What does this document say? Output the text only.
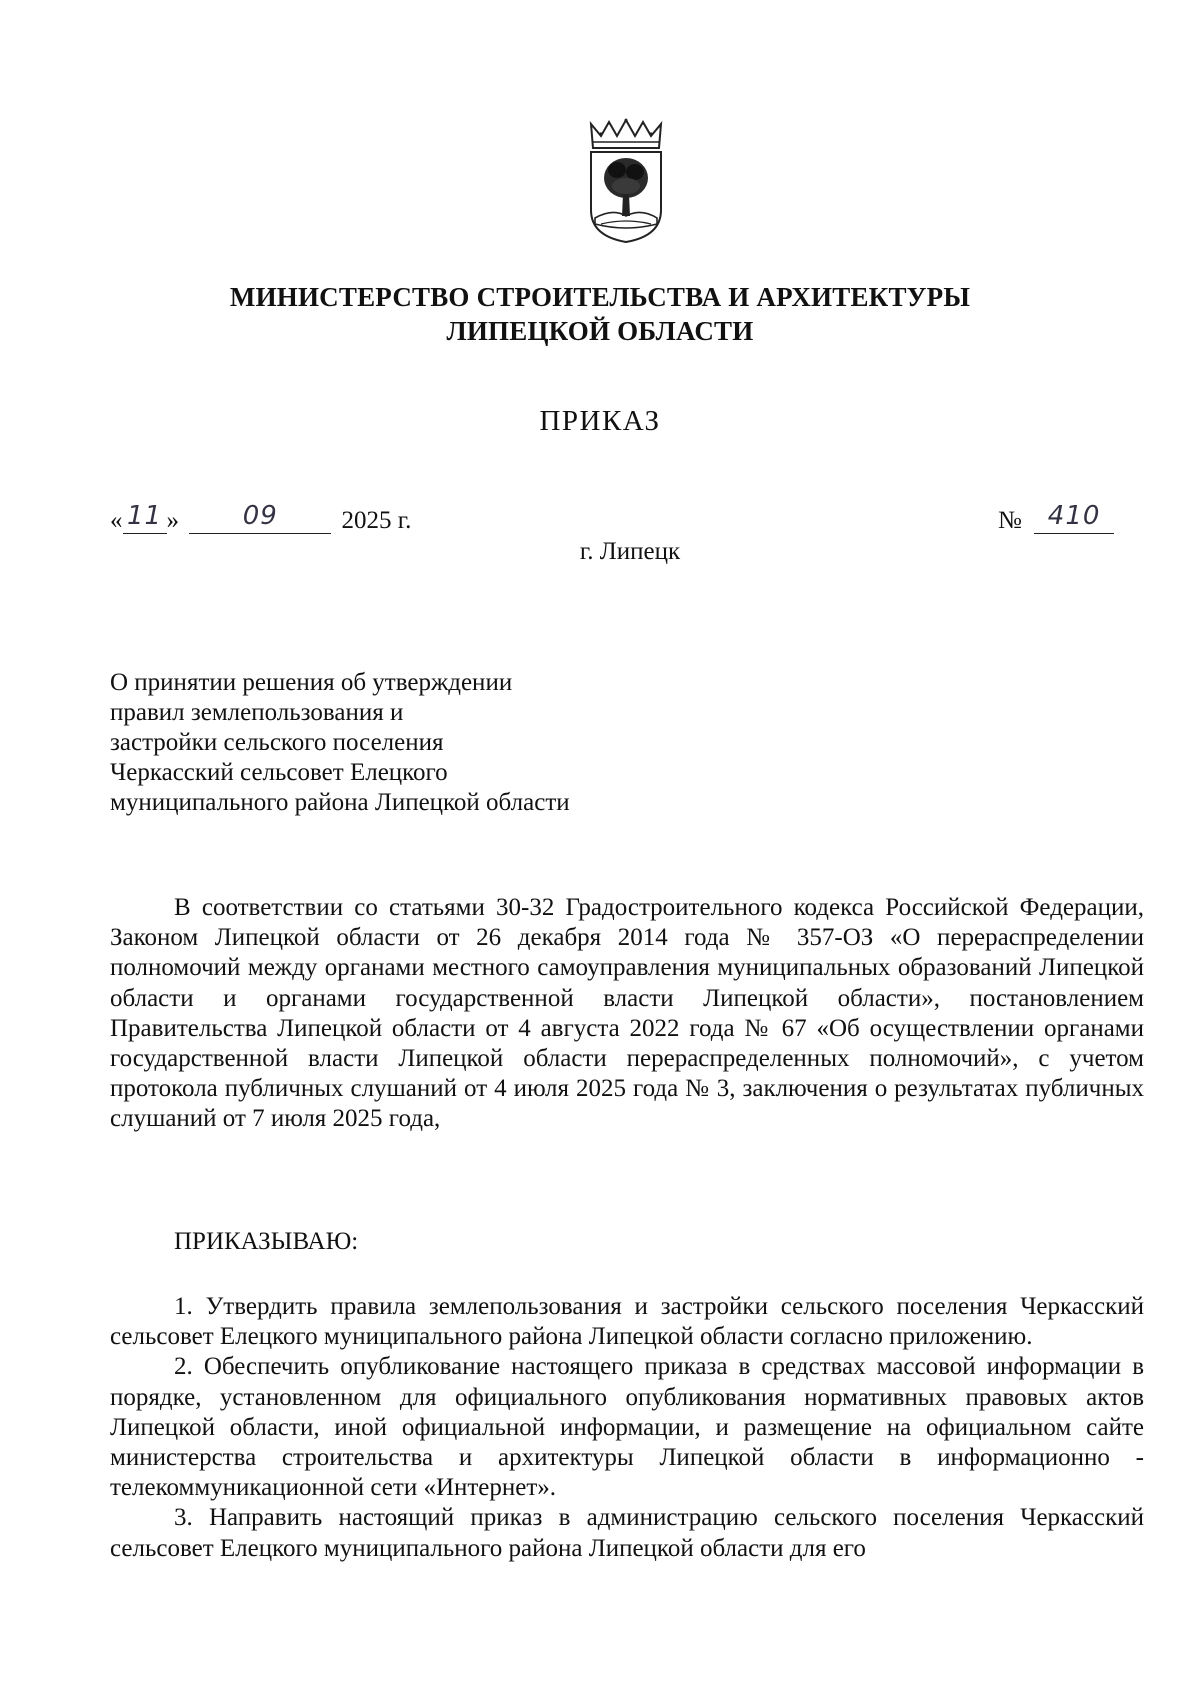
МИНИСТЕРСТВО СТРОИТЕЛЬСТВА И АРХИТЕКТУРЫ
ЛИПЕЦКОЙ ОБЛАСТИ
ПРИКАЗ
« 11 » 09	2025 г.	№ 410
г. Липецк
О принятии решения об утверждении
правил землепользования и
застройки сельского поселения
Черкасский сельсовет Елецкого
муниципального района Липецкой области
В соответствии со статьями 30-32 Градостроительного кодекса Российской Федерации, Законом Липецкой области от 26 декабря 2014 года № 357-ОЗ «О перераспределении полномочий между органами местного самоуправления муниципальных образований Липецкой области и органами государственной власти Липецкой области», постановлением Правительства Липецкой области от 4 августа 2022 года № 67 «Об осуществлении органами государственной власти Липецкой области перераспределенных полномочий», с учетом протокола публичных слушаний от 4 июля 2025 года № 3, заключения о результатах публичных слушаний от 7 июля 2025 года,
ПРИКАЗЫВАЮ:

1. Утвердить правила землепользования и застройки сельского поселения Черкасский сельсовет Елецкого муниципального района Липецкой области согласно приложению.

2. Обеспечить опубликование настоящего приказа в средствах массовой информации в порядке, установленном для официального опубликования нормативных правовых актов Липецкой области, иной официальной информации, и размещение на официальном сайте министерства строительства и архитектуры Липецкой области в информационно - телекоммуникационной сети «Интернет».

3. Направить настоящий приказ в администрацию сельского поселения Черкасский сельсовет Елецкого муниципального района Липецкой области для его
